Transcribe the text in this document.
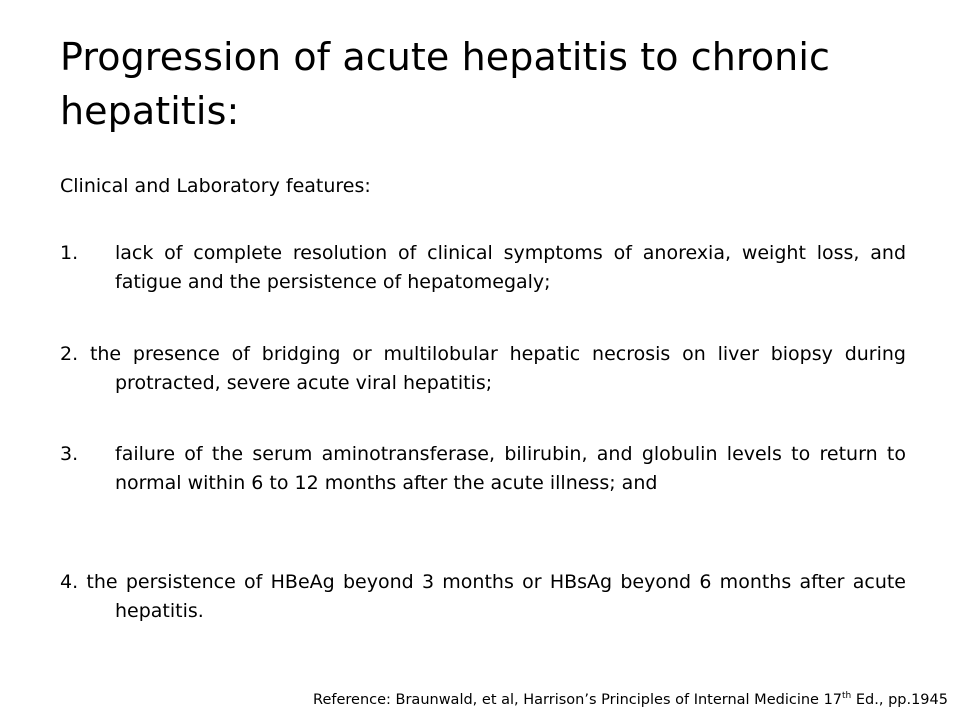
Progression of acute hepatitis to chronic hepatitis:

Clinical and Laboratory features:

1.	lack of complete resolution of clinical symptoms of anorexia, weight loss, and fatigue and the persistence of hepatomegaly;
2. the presence of bridging or multilobular hepatic necrosis on liver biopsy during protracted, severe acute viral hepatitis;
3.	failure of the serum aminotransferase, bilirubin, and globulin levels to return to normal within 6 to 12 months after the acute illness; and
4. the persistence of HBeAg beyond 3 months or HBsAg beyond 6 months after acute hepatitis.

Reference: Braunwald, et al, Harrison’s Principles of Internal Medicine 17th Ed., pp.1945
